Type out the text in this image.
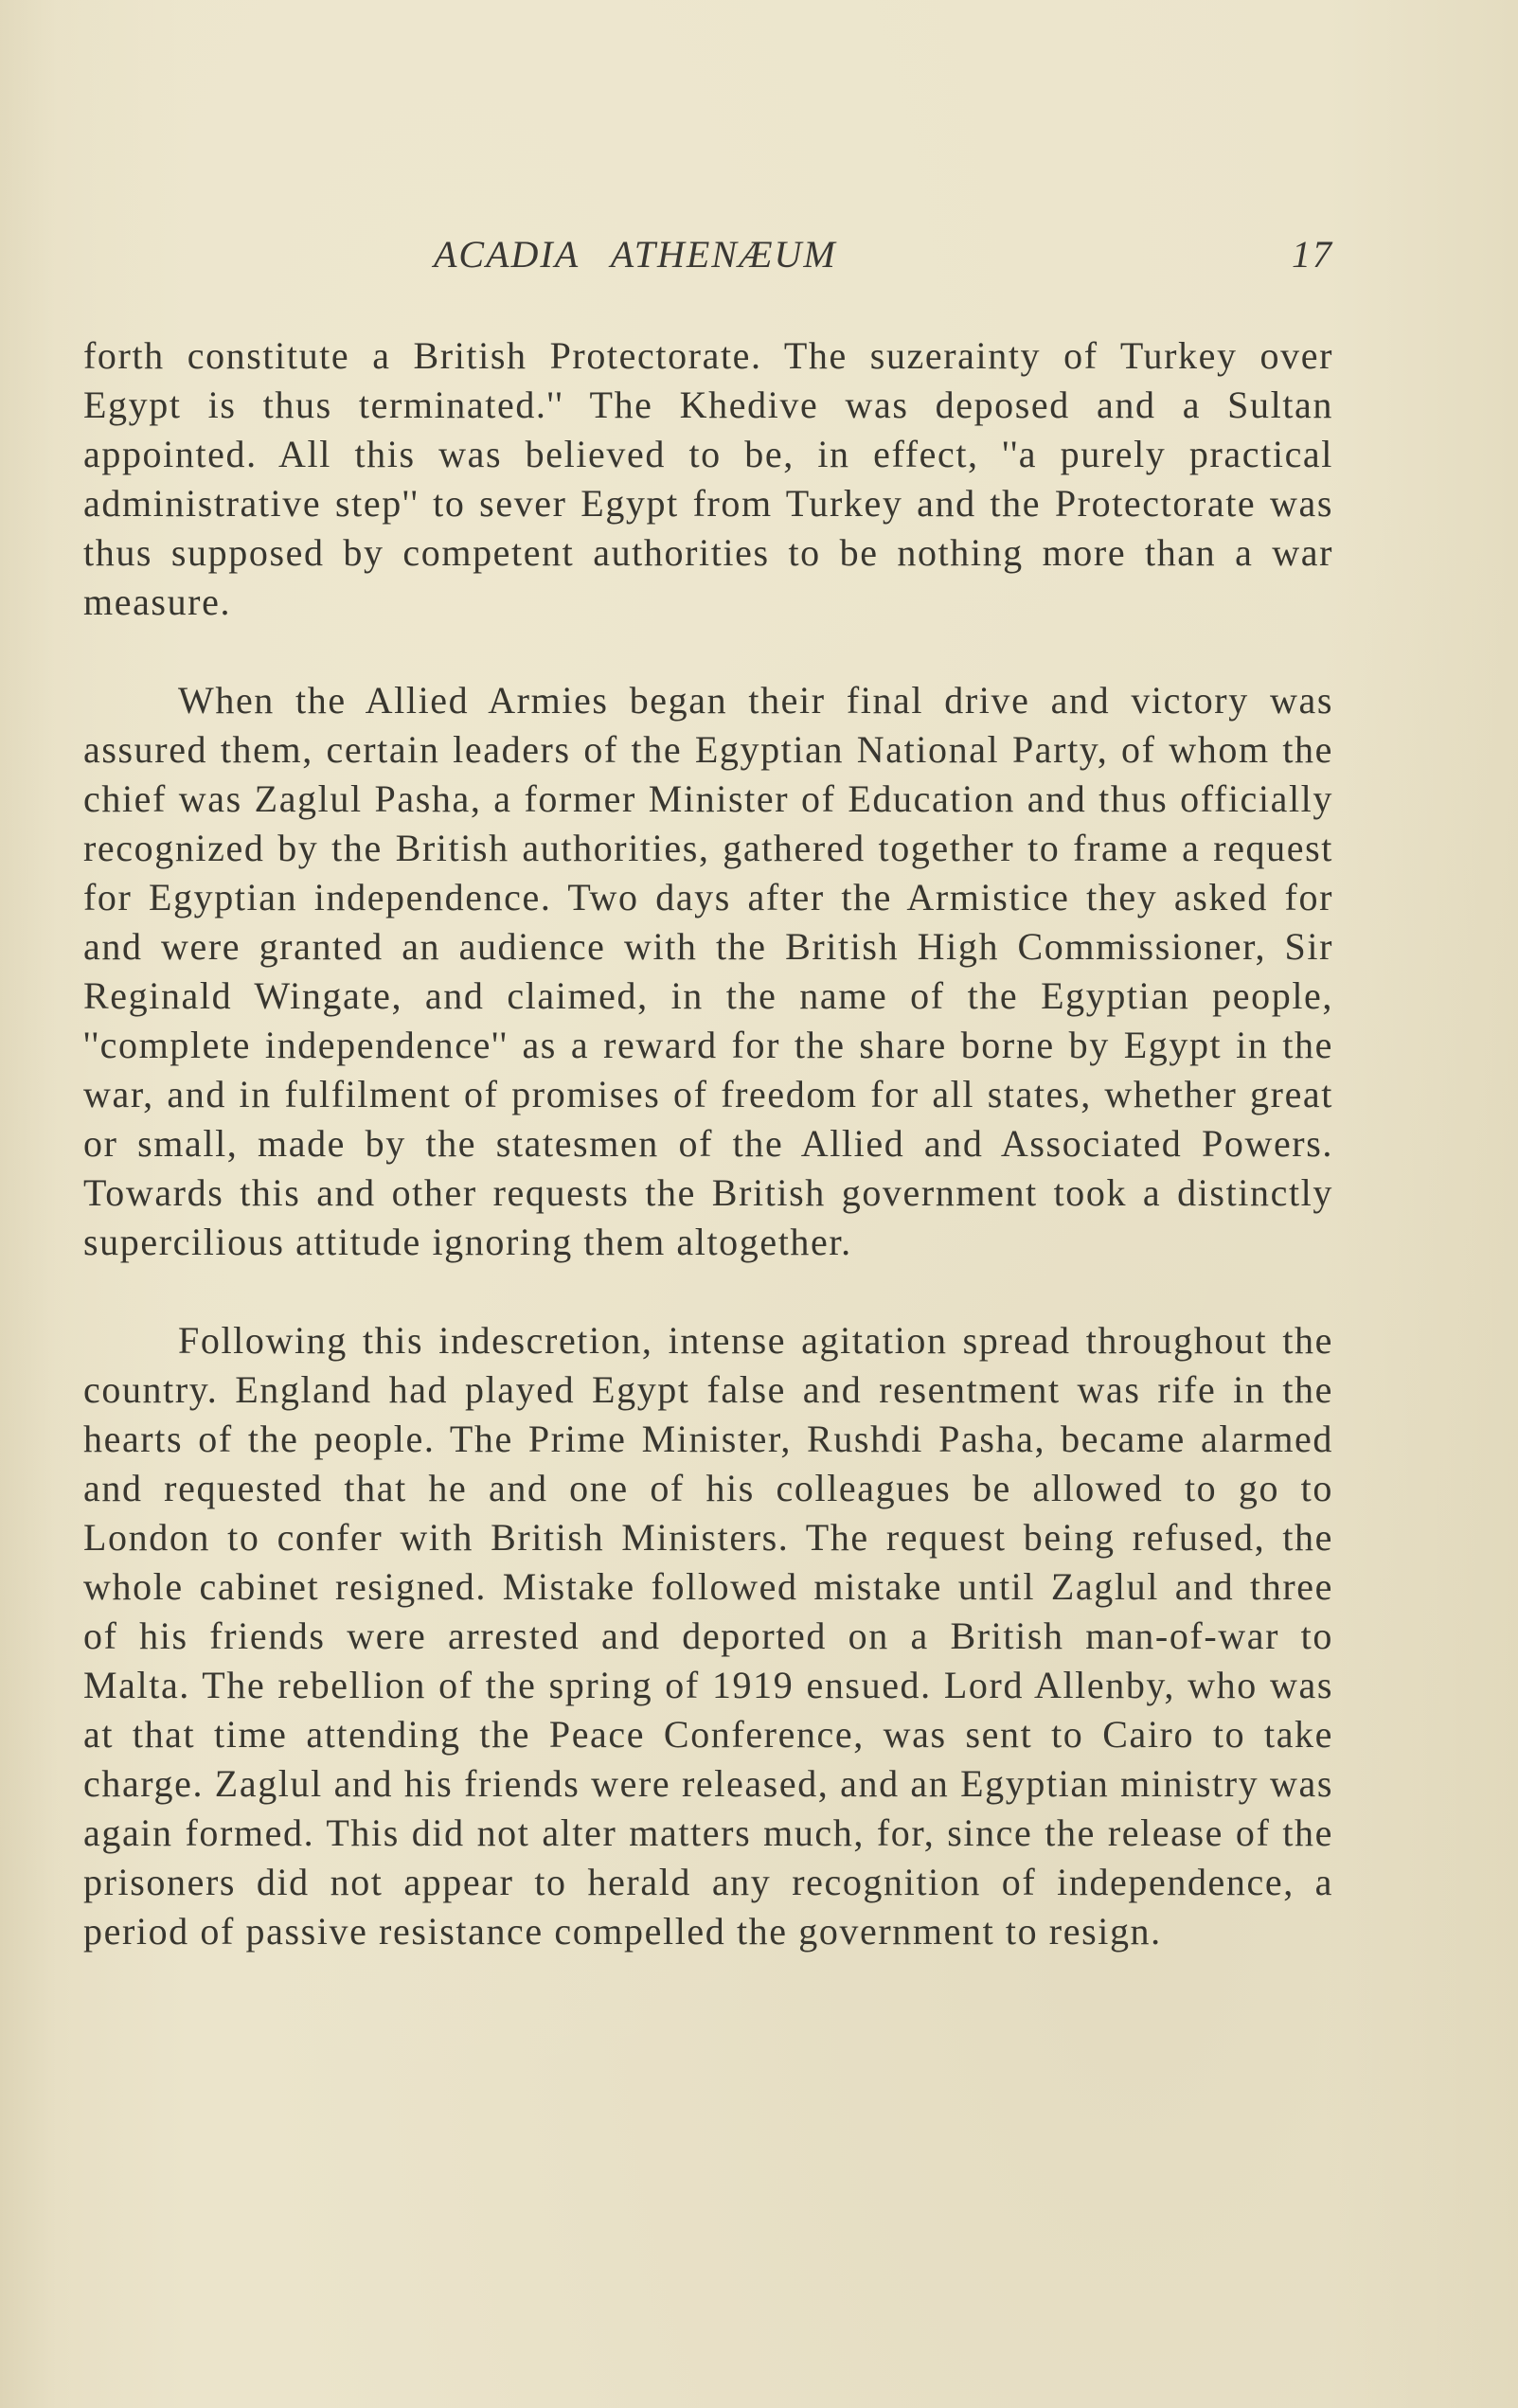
ACADIA ATHENÆUM	17

forth constitute a British Protectorate. The suzerainty of Turkey over Egypt is thus terminated.'' The Khedive was deposed and a Sultan appointed. All this was believed to be, in effect, ''a purely practical administrative step'' to sever Egypt from Turkey and the Protectorate was thus supposed by competent authorities to be nothing more than a war measure.

When the Allied Armies began their final drive and victory was assured them, certain leaders of the Egyptian National Party, of whom the chief was Zaglul Pasha, a former Minister of Education and thus officially recognized by the British authorities, gathered together to frame a request for Egyptian independence. Two days after the Armistice they asked for and were granted an audience with the British High Commissioner, Sir Reginald Wingate, and claimed, in the name of the Egyptian people, ''complete independence'' as a reward for the share borne by Egypt in the war, and in fulfilment of promises of freedom for all states, whether great or small, made by the statesmen of the Allied and Associated Powers. Towards this and other requests the British government took a distinctly supercilious attitude ignoring them altogether.

Following this indescretion, intense agitation spread throughout the country. England had played Egypt false and resentment was rife in the hearts of the people. The Prime Minister, Rushdi Pasha, became alarmed and requested that he and one of his colleagues be allowed to go to London to confer with British Ministers. The request being refused, the whole cabinet resigned. Mistake followed mistake until Zaglul and three of his friends were arrested and deported on a British man-of-war to Malta. The rebellion of the spring of 1919 ensued. Lord Allenby, who was at that time attending the Peace Conference, was sent to Cairo to take charge. Zaglul and his friends were released, and an Egyptian ministry was again formed. This did not alter matters much, for, since the release of the prisoners did not appear to herald any recognition of independence, a period of passive resistance compelled the government to resign.
